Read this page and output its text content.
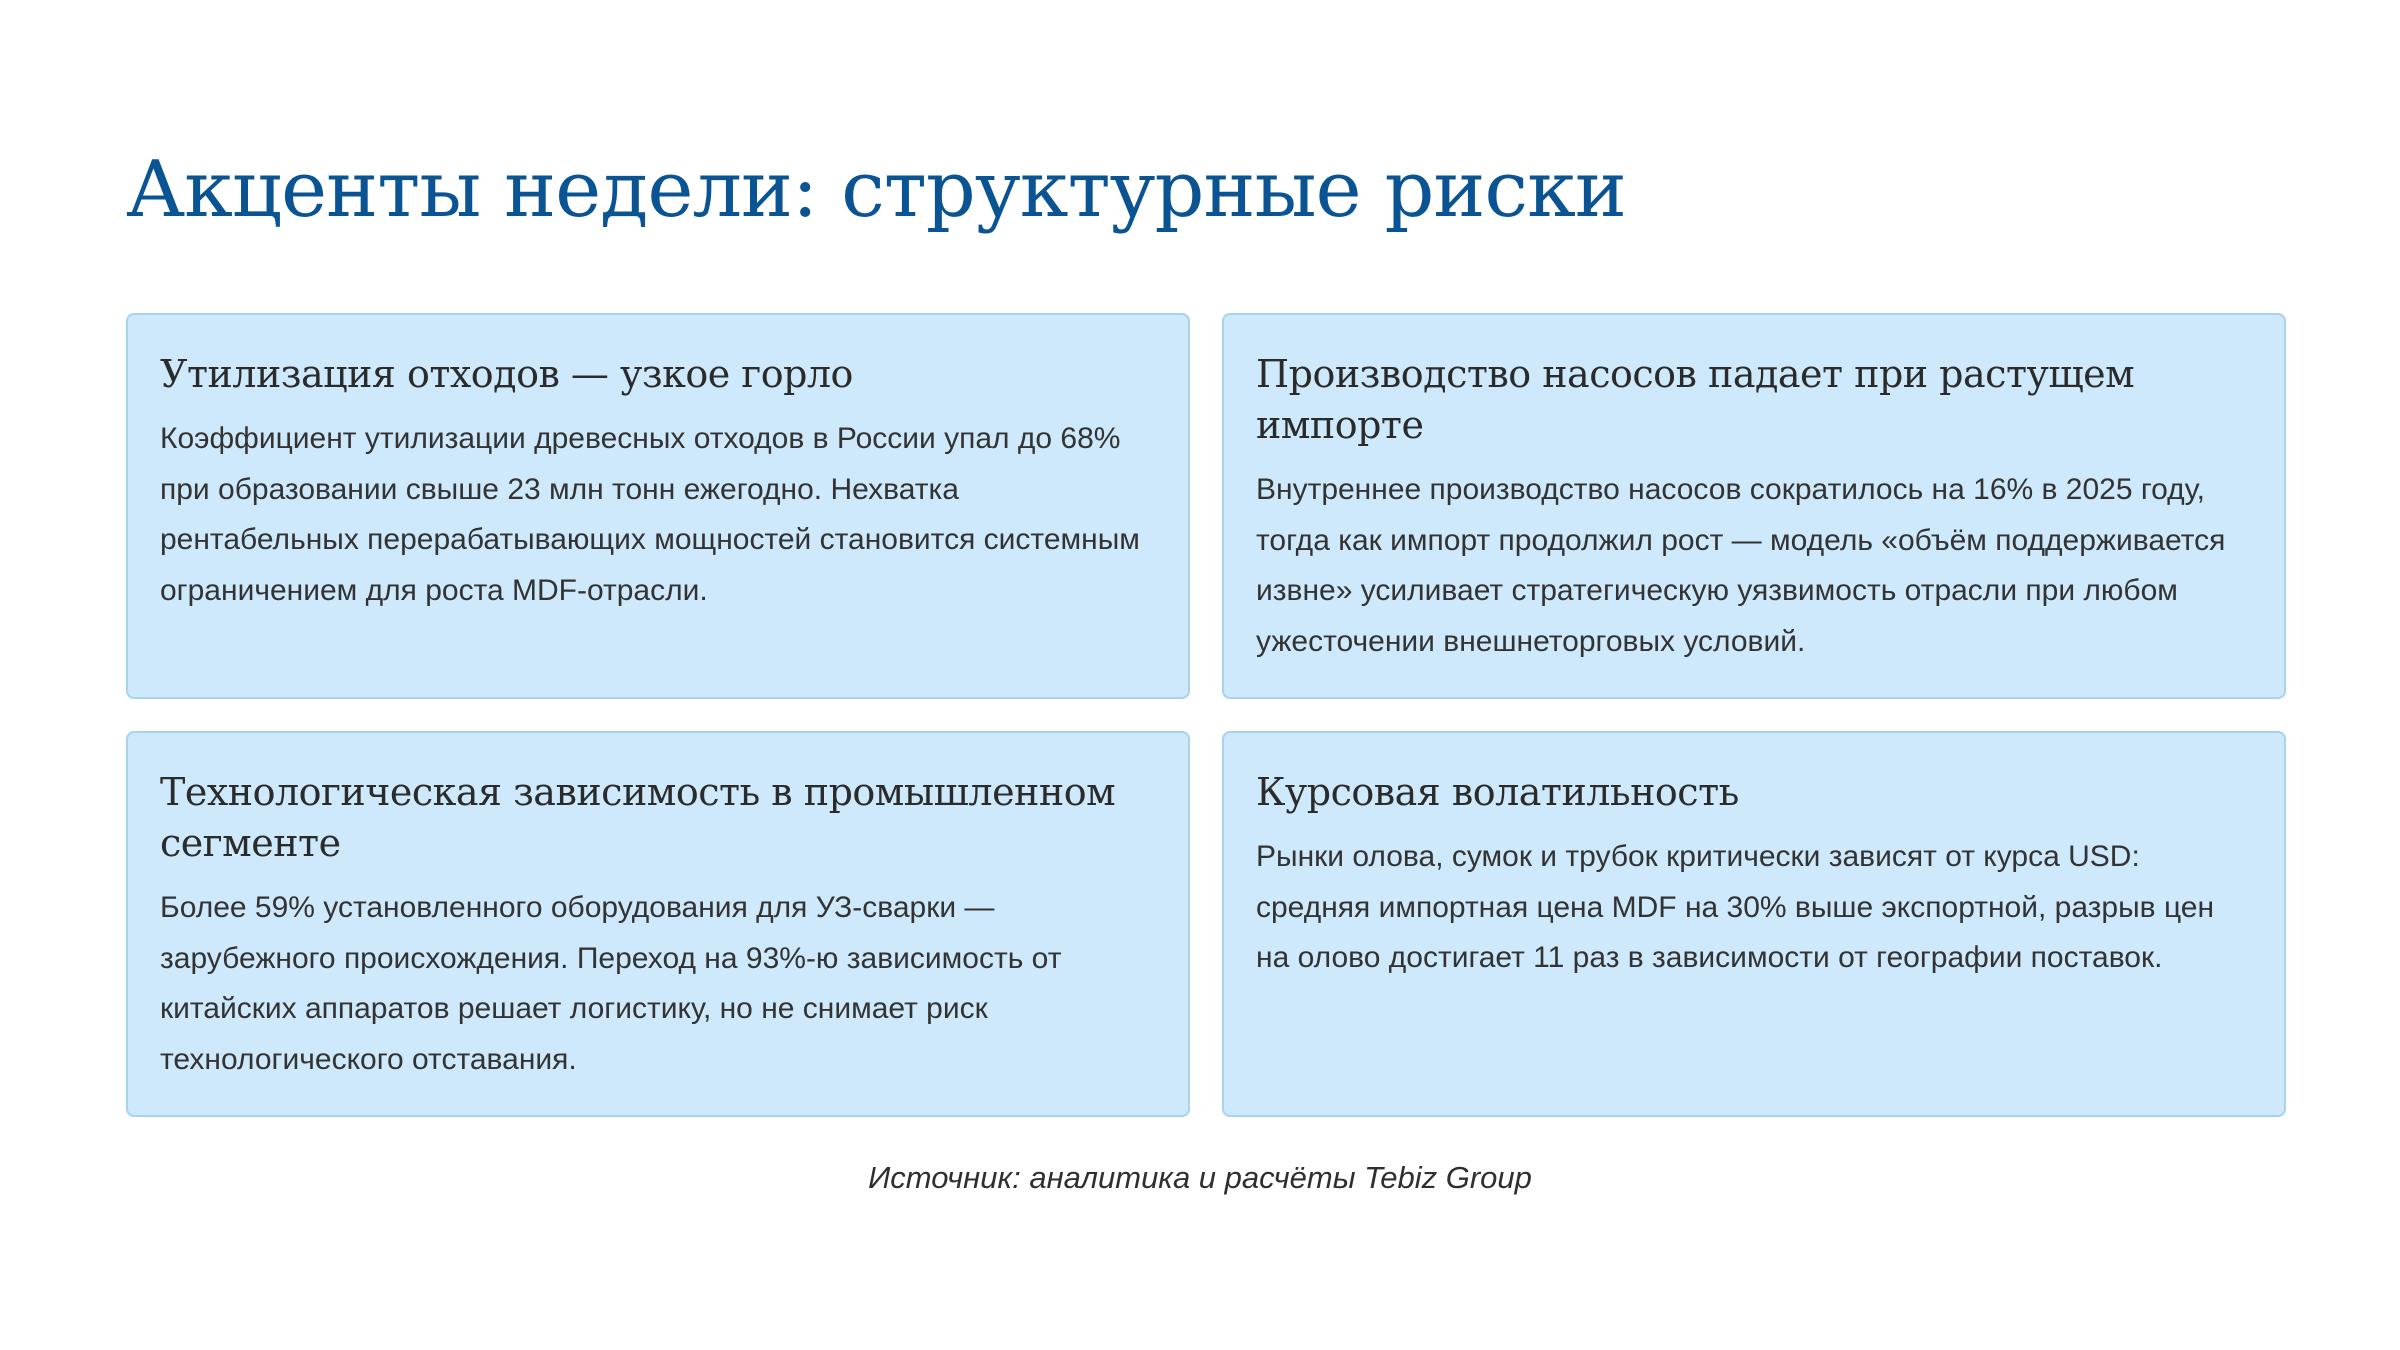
Акценты недели: структурные риски
Утилизация отходов — узкое горло

Коэффициент утилизации древесных отходов в России упал до 68% при образовании свыше 23 млн тонн ежегодно. Нехватка рентабельных перерабатывающих мощностей становится системным ограничением для роста MDF-отрасли.

Производство насосов падает при растущем импорте

Внутреннее производство насосов сократилось на 16% в 2025 году, тогда как импорт продолжил рост — модель «объём поддерживается извне» усиливает стратегическую уязвимость отрасли при любом ужесточении внешнеторговых условий.

Технологическая зависимость в промышленном сегменте

Более 59% установленного оборудования для УЗ-сварки — зарубежного происхождения. Переход на 93%-ю зависимость от китайских аппаратов решает логистику, но не снимает риск технологического отставания.

Курсовая волатильность

Рынки олова, сумок и трубок критически зависят от курса USD: средняя импортная цена MDF на 30% выше экспортной, разрыв цен на олово достигает 11 раз в зависимости от географии поставок.

Источник: аналитика и расчёты Tebiz Group
